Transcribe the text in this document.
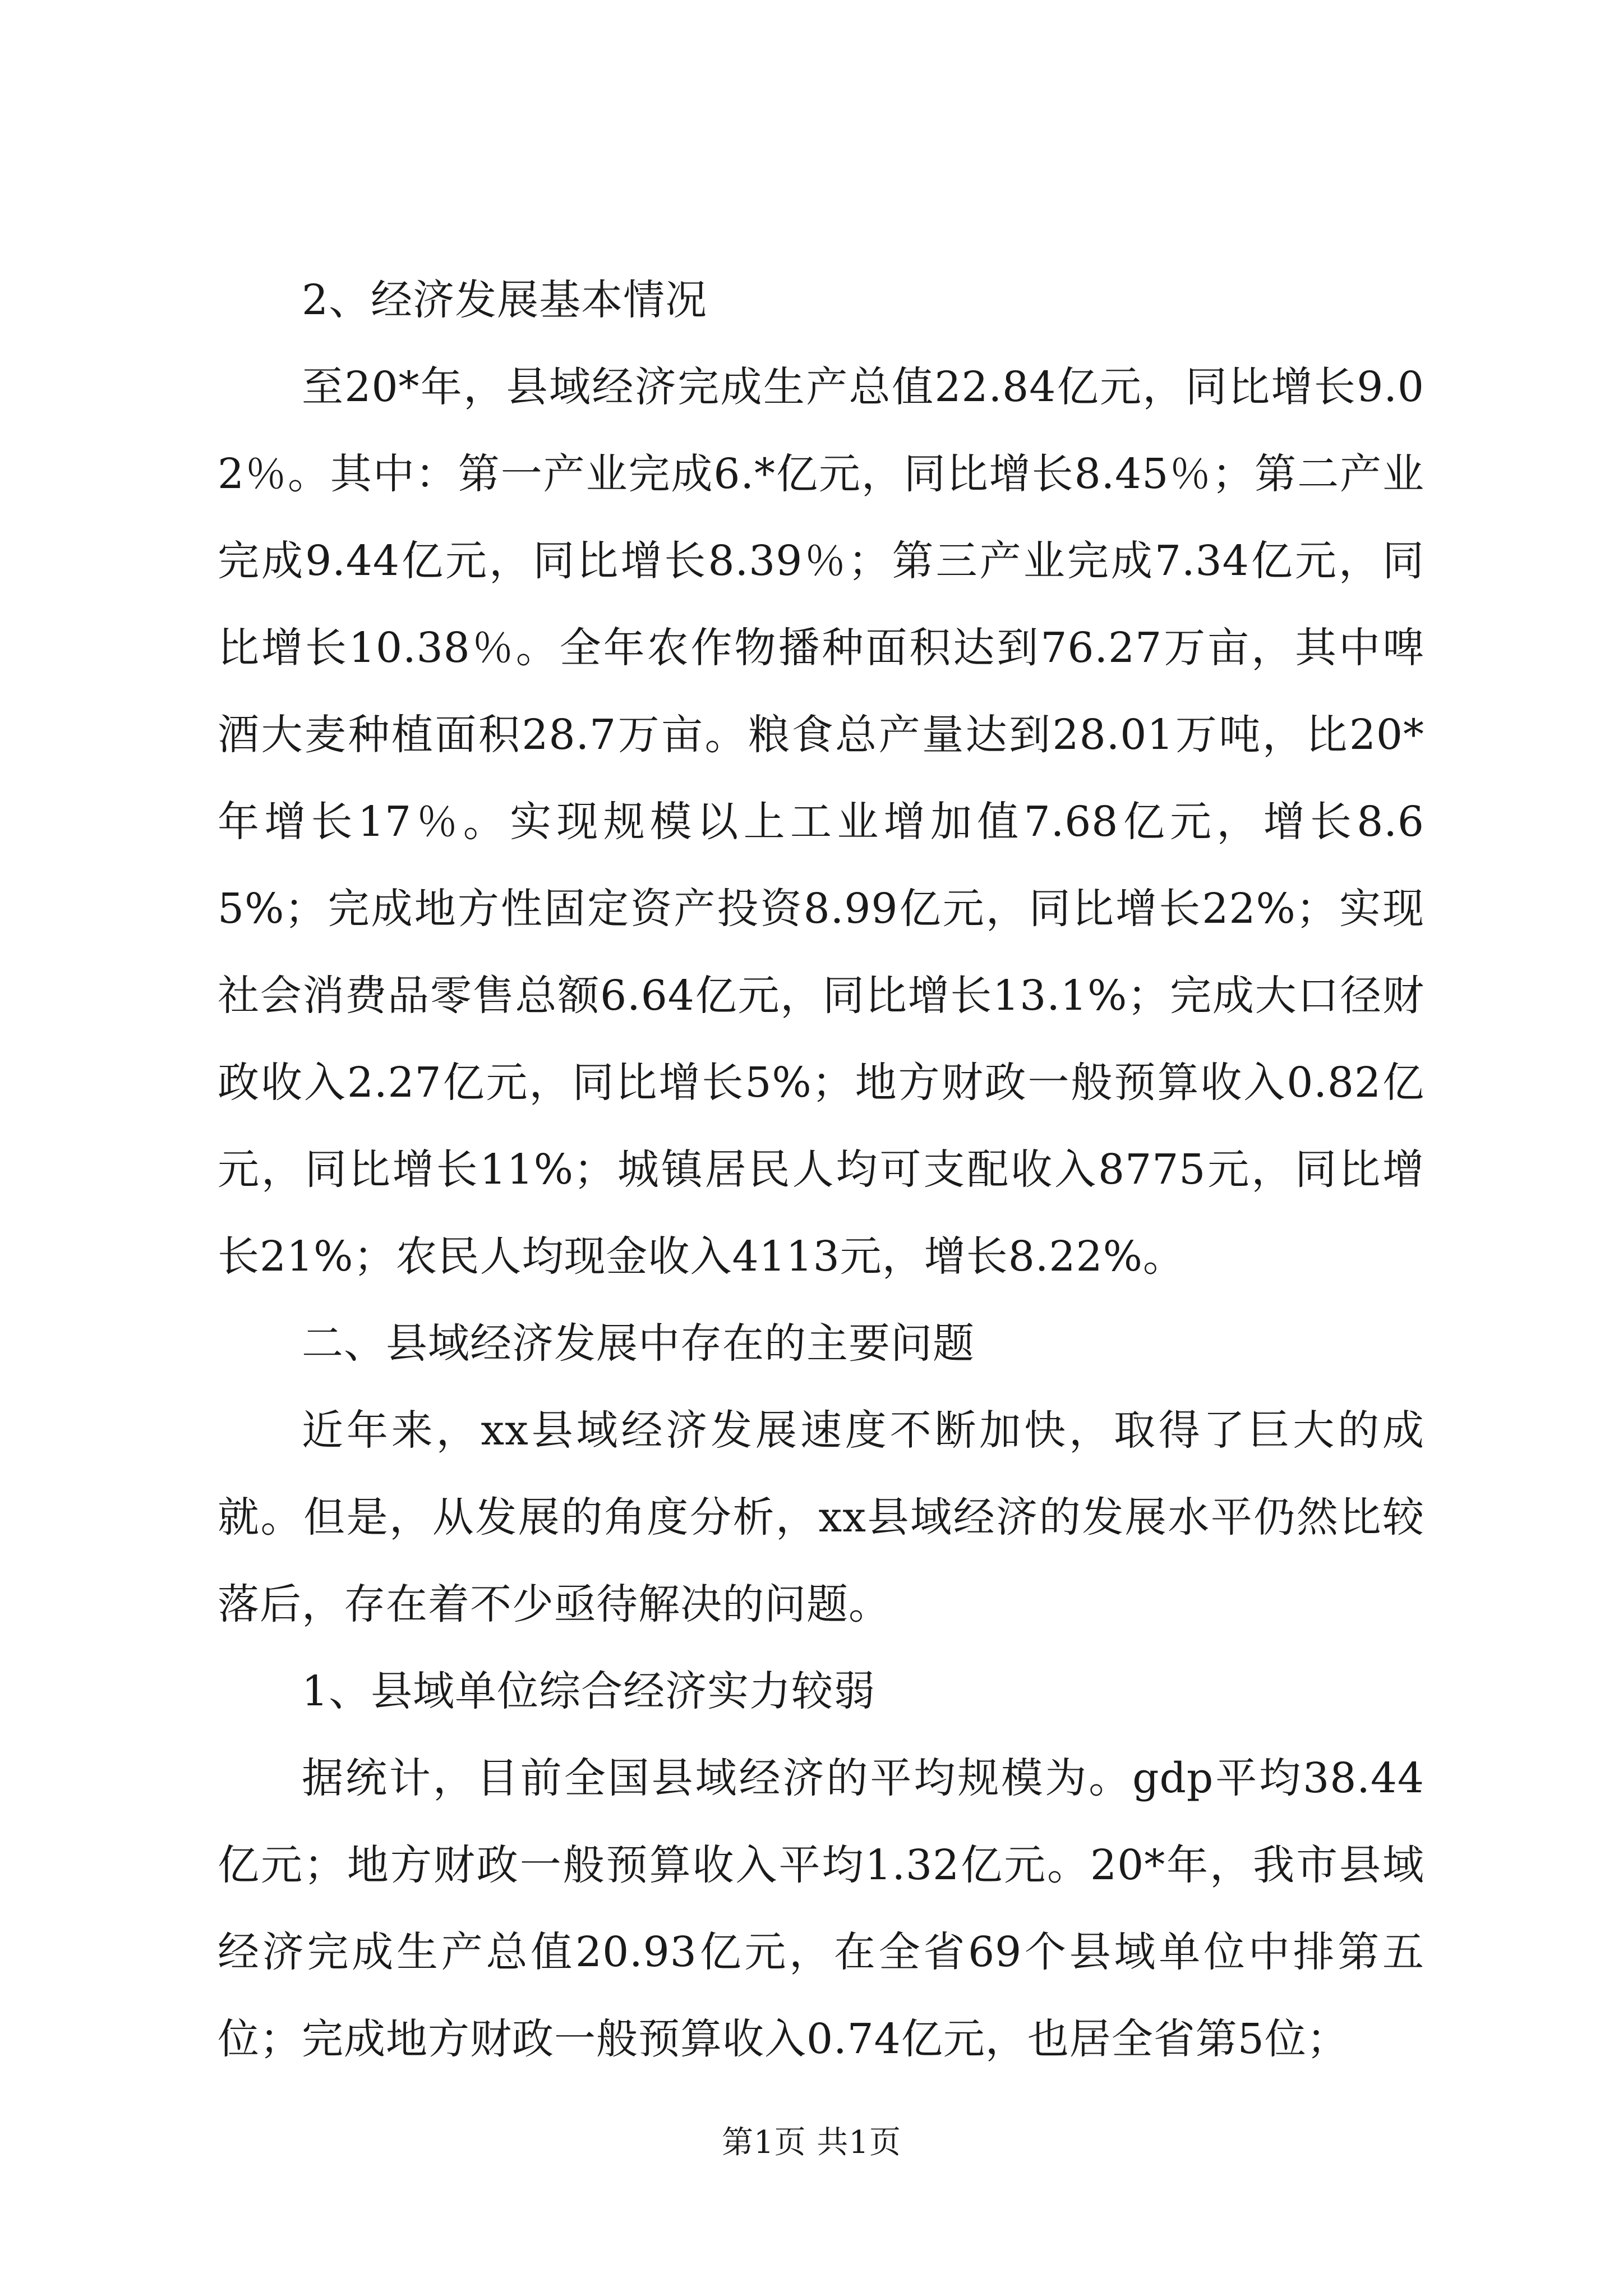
2、经济发展基本情况

至20*年，县域经济完成生产总值22.84亿元，同比增长9.02％。其中：第一产业完成6.*亿元，同比增长8.45％；第二产业完成9.44亿元，同比增长8.39％；第三产业完成7.34亿元，同比增长10.38％。全年农作物播种面积达到76.27万亩，其中啤酒大麦种植面积28.7万亩。粮食总产量达到28.01万吨，比20*年增长17％。实现规模以上工业增加值7.68亿元，增长8.65%；完成地方性固定资产投资8.99亿元，同比增长22%；实现社会消费品零售总额6.64亿元，同比增长13.1%；完成大口径财政收入2.27亿元，同比增长5%；地方财政一般预算收入0.82亿元，同比增长11%；城镇居民人均可支配收入8775元，同比增长21%；农民人均现金收入4113元，增长8.22%。

二、县域经济发展中存在的主要问题

近年来，xx县域经济发展速度不断加快，取得了巨大的成就。但是，从发展的角度分析，xx县域经济的发展水平仍然比较落后，存在着不少亟待解决的问题。

1、县域单位综合经济实力较弱

据统计，目前全国县域经济的平均规模为。gdp平均38.44亿元；地方财政一般预算收入平均1.32亿元。20*年，我市县域经济完成生产总值20.93亿元，在全省69个县域单位中排第五位；完成地方财政一般预算收入0.74亿元，也居全省第5位；

第1页 共1页
